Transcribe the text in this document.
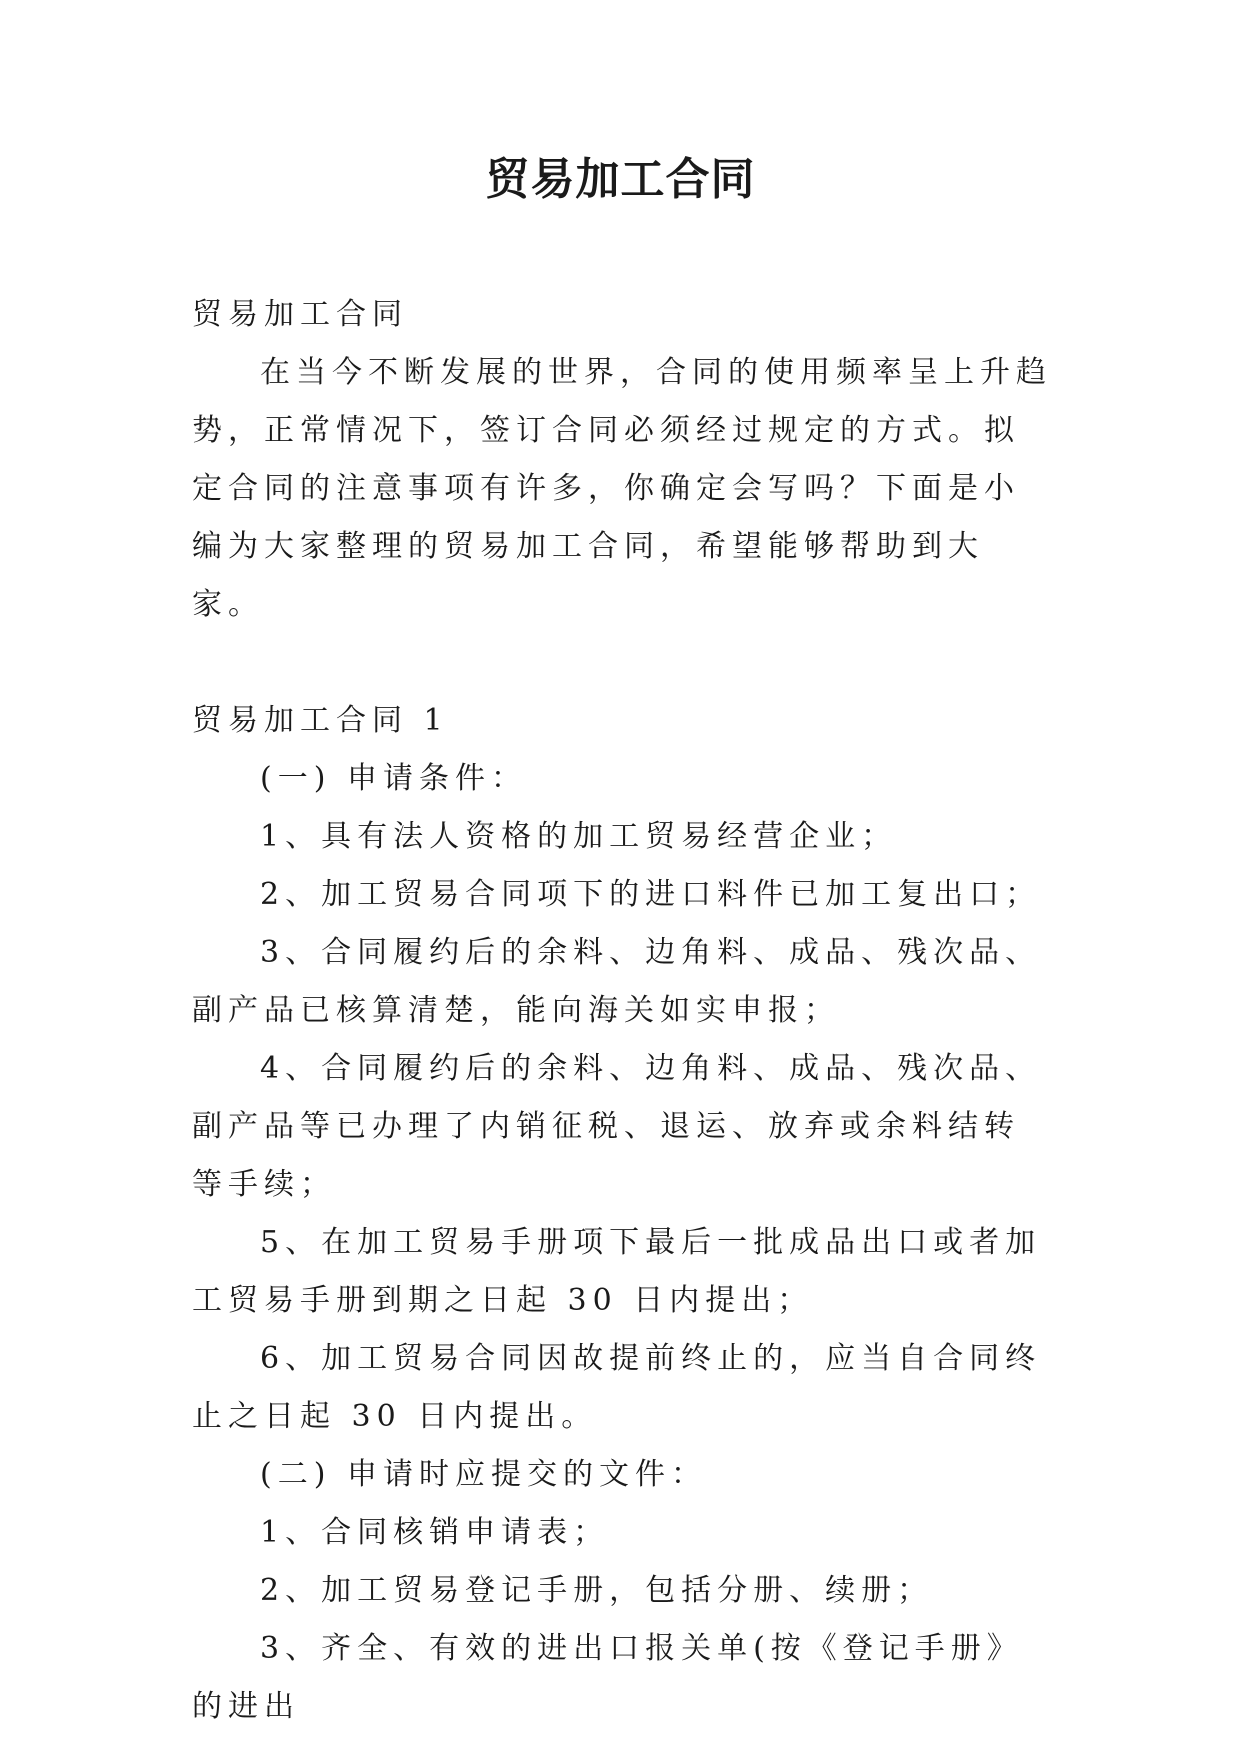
贸易加工合同

贸易加工合同

在当今不断发展的世界，合同的使用频率呈上升趋势，正常情况下，签订合同必须经过规定的方式。拟定合同的注意事项有许多，你确定会写吗？下面是小编为大家整理的贸易加工合同，希望能够帮助到大家。

贸易加工合同 1

(一) 申请条件：

1、具有法人资格的加工贸易经营企业；

2、加工贸易合同项下的进口料件已加工复出口；

3、合同履约后的余料、边角料、成品、残次品、副产品已核算清楚，能向海关如实申报；

4、合同履约后的余料、边角料、成品、残次品、副产品等已办理了内销征税、退运、放弃或余料结转等手续；

5、在加工贸易手册项下最后一批成品出口或者加工贸易手册到期之日起 30 日内提出；

6、加工贸易合同因故提前终止的，应当自合同终止之日起 30 日内提出。

(二) 申请时应提交的文件：

1、合同核销申请表；

2、加工贸易登记手册，包括分册、续册；

3、齐全、有效的进出口报关单(按《登记手册》的进出
